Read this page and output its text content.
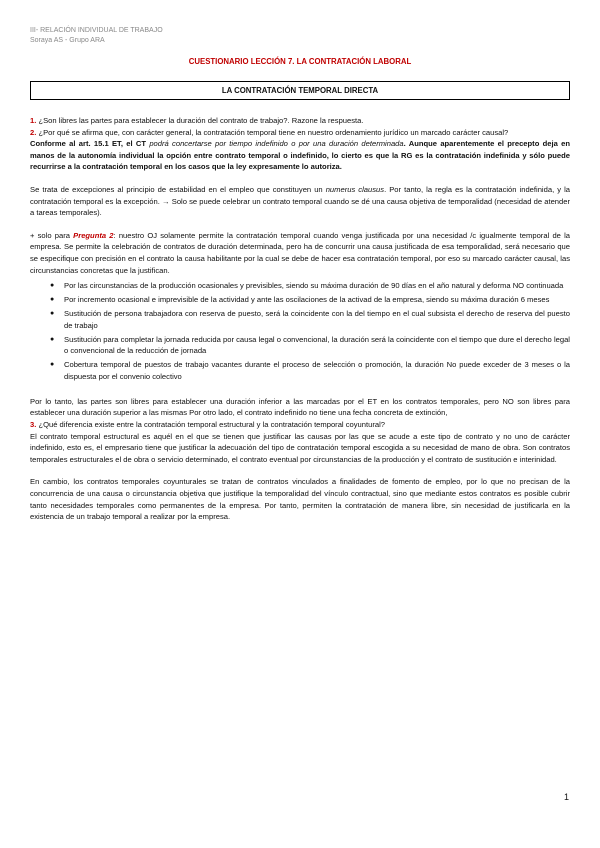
III- RELACIÓN INDIVIDUAL DE TRABAJO
Soraya AS - Grupo ARA
CUESTIONARIO LECCIÓN 7. LA CONTRATACIÓN LABORAL
LA CONTRATACIÓN TEMPORAL DIRECTA

1. ¿Son libres las partes para establecer la duración del contrato de trabajo?. Razone la respuesta.

2. ¿Por qué se afirma que, con carácter general, la contratación temporal tiene en nuestro ordenamiento jurídico un marcado carácter causal?

Conforme al art. 15.1 ET, el CT podrá concertarse por tiempo indefinido o por una duración determinada. Aunque aparentemente el precepto deja en manos de la autonomía individual la opción entre contrato temporal o indefinido, lo cierto es que la RG es la contratación indefinida y sólo puede recurrirse a la contratación temporal en los casos que la ley expresamente lo autoriza.

Se trata de excepciones al principio de estabilidad en el empleo que constituyen un numerus clausus. Por tanto, la regla es la contratación indefinida, y la contratación temporal es la excepción. → Solo se puede celebrar un contrato temporal cuando se dé una causa objetiva de temporalidad (necesidad de atender a tareas temporales).

+ solo para Pregunta 2: nuestro OJ solamente permite la contratación temporal cuando venga justificada por una necesidad /c igualmente temporal de la empresa. Se permite la celebración de contratos de duración determinada, pero ha de concurrir una causa justificada de esa temporalidad, será necesario que se especifique con precisión en el contrato la causa habilitante por la cual se debe de hacer esa contratación temporal, por eso su marcado carácter causal, las circunstancias concretas que la justifican.

● Por las circunstancias de la producción ocasionales y previsibles, siendo su máxima duración de 90 días en el año natural y deforma NO continuada
● Por incremento ocasional e imprevisible de la actividad y ante las oscilaciones de la activad de la empresa, siendo su máxima duración 6 meses
● Sustitución de persona trabajadora con reserva de puesto, será la coincidente con la del tiempo en el cual subsista el derecho de reserva del puesto de trabajo
● Sustitución para completar la jornada reducida por causa legal o convencional, la duración será la coincidente con el tiempo que dure el derecho legal o convencional de la reducción de jornada
● Cobertura temporal de puestos de trabajo vacantes durante el proceso de selección o promoción, la duración No puede exceder de 3 meses o la dispuesta por el convenio colectivo

Por lo tanto, las partes son libres para establecer una duración inferior a las marcadas por el ET en los contratos temporales, pero NO son libres para establecer una duración superior a las mismas Por otro lado, el contrato indefinido no tiene una fecha concreta de extinción,

3. ¿Qué diferencia existe entre la contratación temporal estructural y la contratación temporal coyuntural?

El contrato temporal estructural es aquél en el que se tienen que justificar las causas por las que se acude a este tipo de contrato y no uno de carácter indefinido, esto es, el empresario tiene que justificar la adecuación del tipo de contratación temporal escogida a su necesidad de mano de obra. Son contratos temporales estructurales el de obra o servicio determinado, el contrato eventual por circunstancias de la producción y el contrato de sustitución e interinidad.

En cambio, los contratos temporales coyunturales se tratan de contratos vinculados a finalidades de fomento de empleo, por lo que no precisan de la concurrencia de una causa o circunstancia objetiva que justifique la temporalidad del vínculo contractual, sino que mediante estos contratos es posible cubrir tanto necesidades temporales como permanentes de la empresa. Por tanto, permiten la contratación de manera libre, sin necesidad de justificarla en la existencia de un trabajo temporal a realizar por la empresa.

1
